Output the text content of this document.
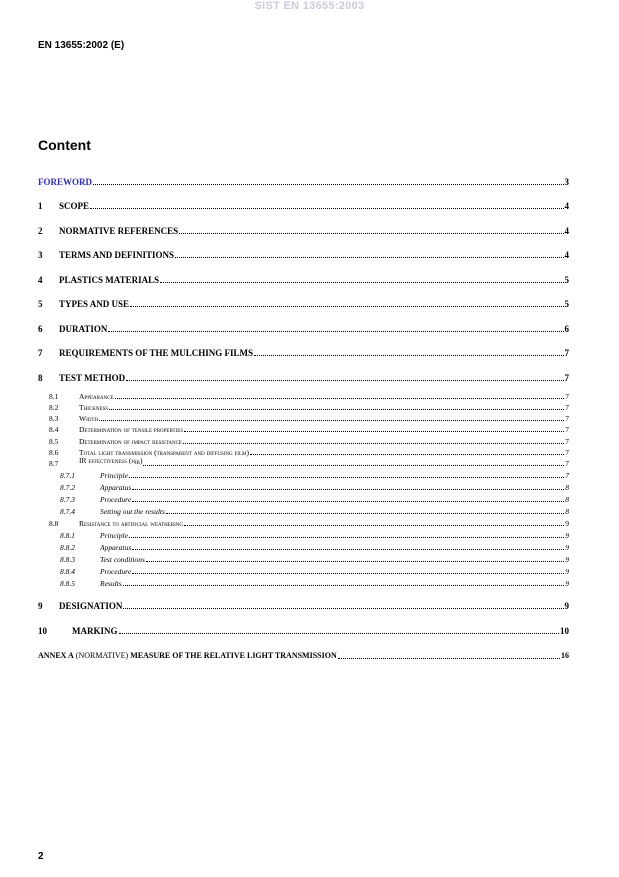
SIST EN 13655:2003
EN 13655:2002 (E)
Content
FOREWORD	3
1	SCOPE	4
2	NORMATIVE REFERENCES	4
3	TERMS AND DEFINITIONS	4
4	PLASTICS MATERIALS	5
5	TYPES AND USE	5
6	DURATION	6
7	REQUIREMENTS OF THE MULCHING FILMS	7
8	TEST METHOD	7
8.1	Appearance	7
8.2	Thickness	7
8.3	Width	7
8.4	Determination of tensile properties	7
8.5	Determination of impact resistance	7
8.6	Total light transmission (transparent and diffusing film)	7
8.7	IR effectiveness (ηIR)	7
8.7.1	Principle	7
8.7.2	Apparatus	8
8.7.3	Procedure	8
8.7.4	Setting out the results	8
8.8	Resistance to artificial weathering	9
8.8.1	Principle	9
8.8.2	Apparatus	9
8.8.3	Test conditions	9
8.8.4	Procedure	9
8.8.5	Results	9
9	DESIGNATION	9
10	MARKING	10
ANNEX A (NORMATIVE) MEASURE OF THE RELATIVE LIGHT TRANSMISSION	16
2
